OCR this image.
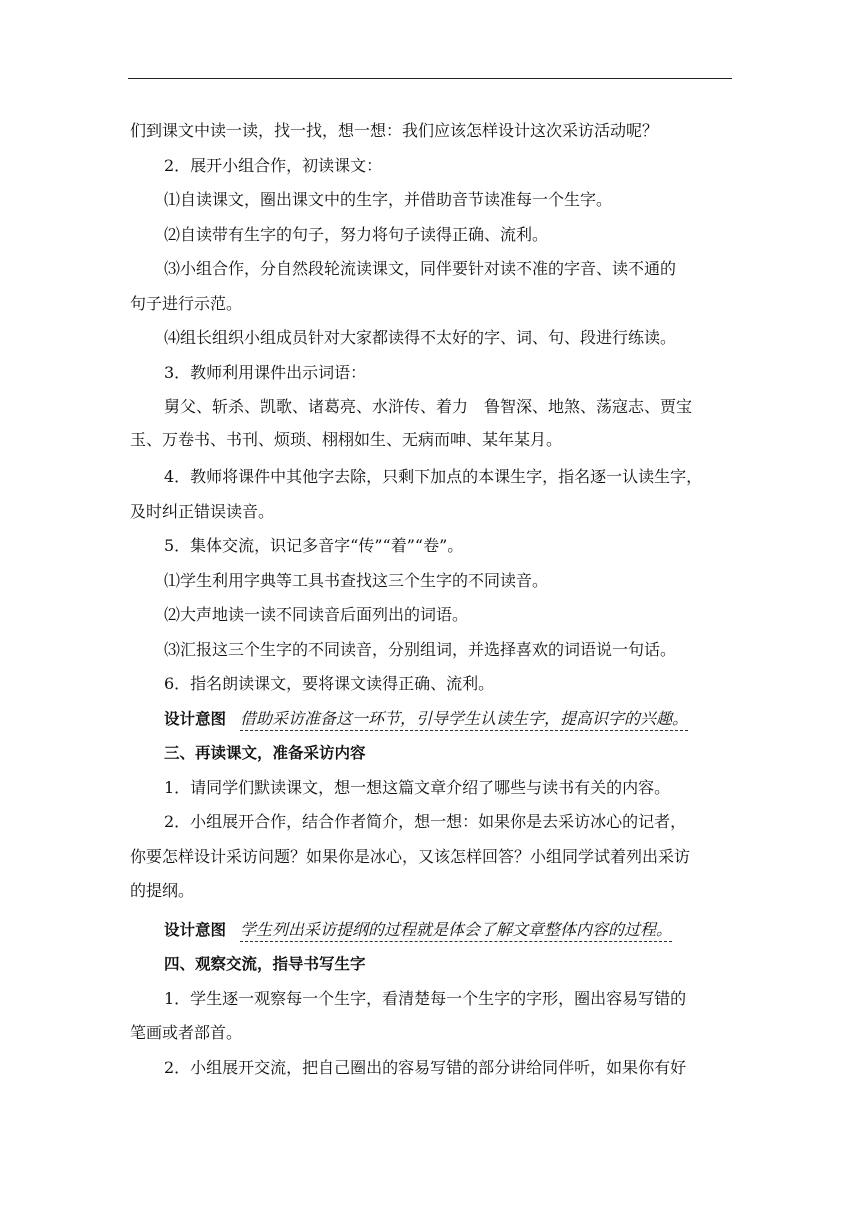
们到课文中读一读，找一找，想一想：我们应该怎样设计这次采访活动呢？

2．展开小组合作，初读课文：

⑴自读课文，圈出课文中的生字，并借助音节读准每一个生字。

⑵自读带有生字的句子，努力将句子读得正确、流利。

⑶小组合作，分自然段轮流读课文，同伴要针对读不准的字音、读不通的

句子进行示范。

⑷组长组织小组成员针对大家都读得不太好的字、词、句、段进行练读。

3．教师利用课件出示词语：

舅父、斩杀、凯歌、诸葛亮、水浒传、着力　鲁智深、地煞、荡寇志、贾宝

玉、万卷书、书刊、烦琐、栩栩如生、无病而呻、某年某月。

4．教师将课件中其他字去除，只剩下加点的本课生字，指名逐一认读生字，

及时纠正错误读音。

5．集体交流，识记多音字“传”“着”“卷”。

⑴学生利用字典等工具书查找这三个生字的不同读音。

⑵大声地读一读不同读音后面列出的词语。

⑶汇报这三个生字的不同读音，分别组词，并选择喜欢的词语说一句话。

6．指名朗读课文，要将课文读得正确、流利。

设计意图 借助采访准备这一环节，引导学生认读生字，提高识字的兴趣。

三、再读课文，准备采访内容

1．请同学们默读课文，想一想这篇文章介绍了哪些与读书有关的内容。

2．小组展开合作，结合作者简介，想一想：如果你是去采访冰心的记者，

你要怎样设计采访问题？如果你是冰心，又该怎样回答？小组同学试着列出采访

的提纲。

设计意图 学生列出采访提纲的过程就是体会了解文章整体内容的过程。

四、观察交流，指导书写生字

1．学生逐一观察每一个生字，看清楚每一个生字的字形，圈出容易写错的

笔画或者部首。

2．小组展开交流，把自己圈出的容易写错的部分讲给同伴听，如果你有好
